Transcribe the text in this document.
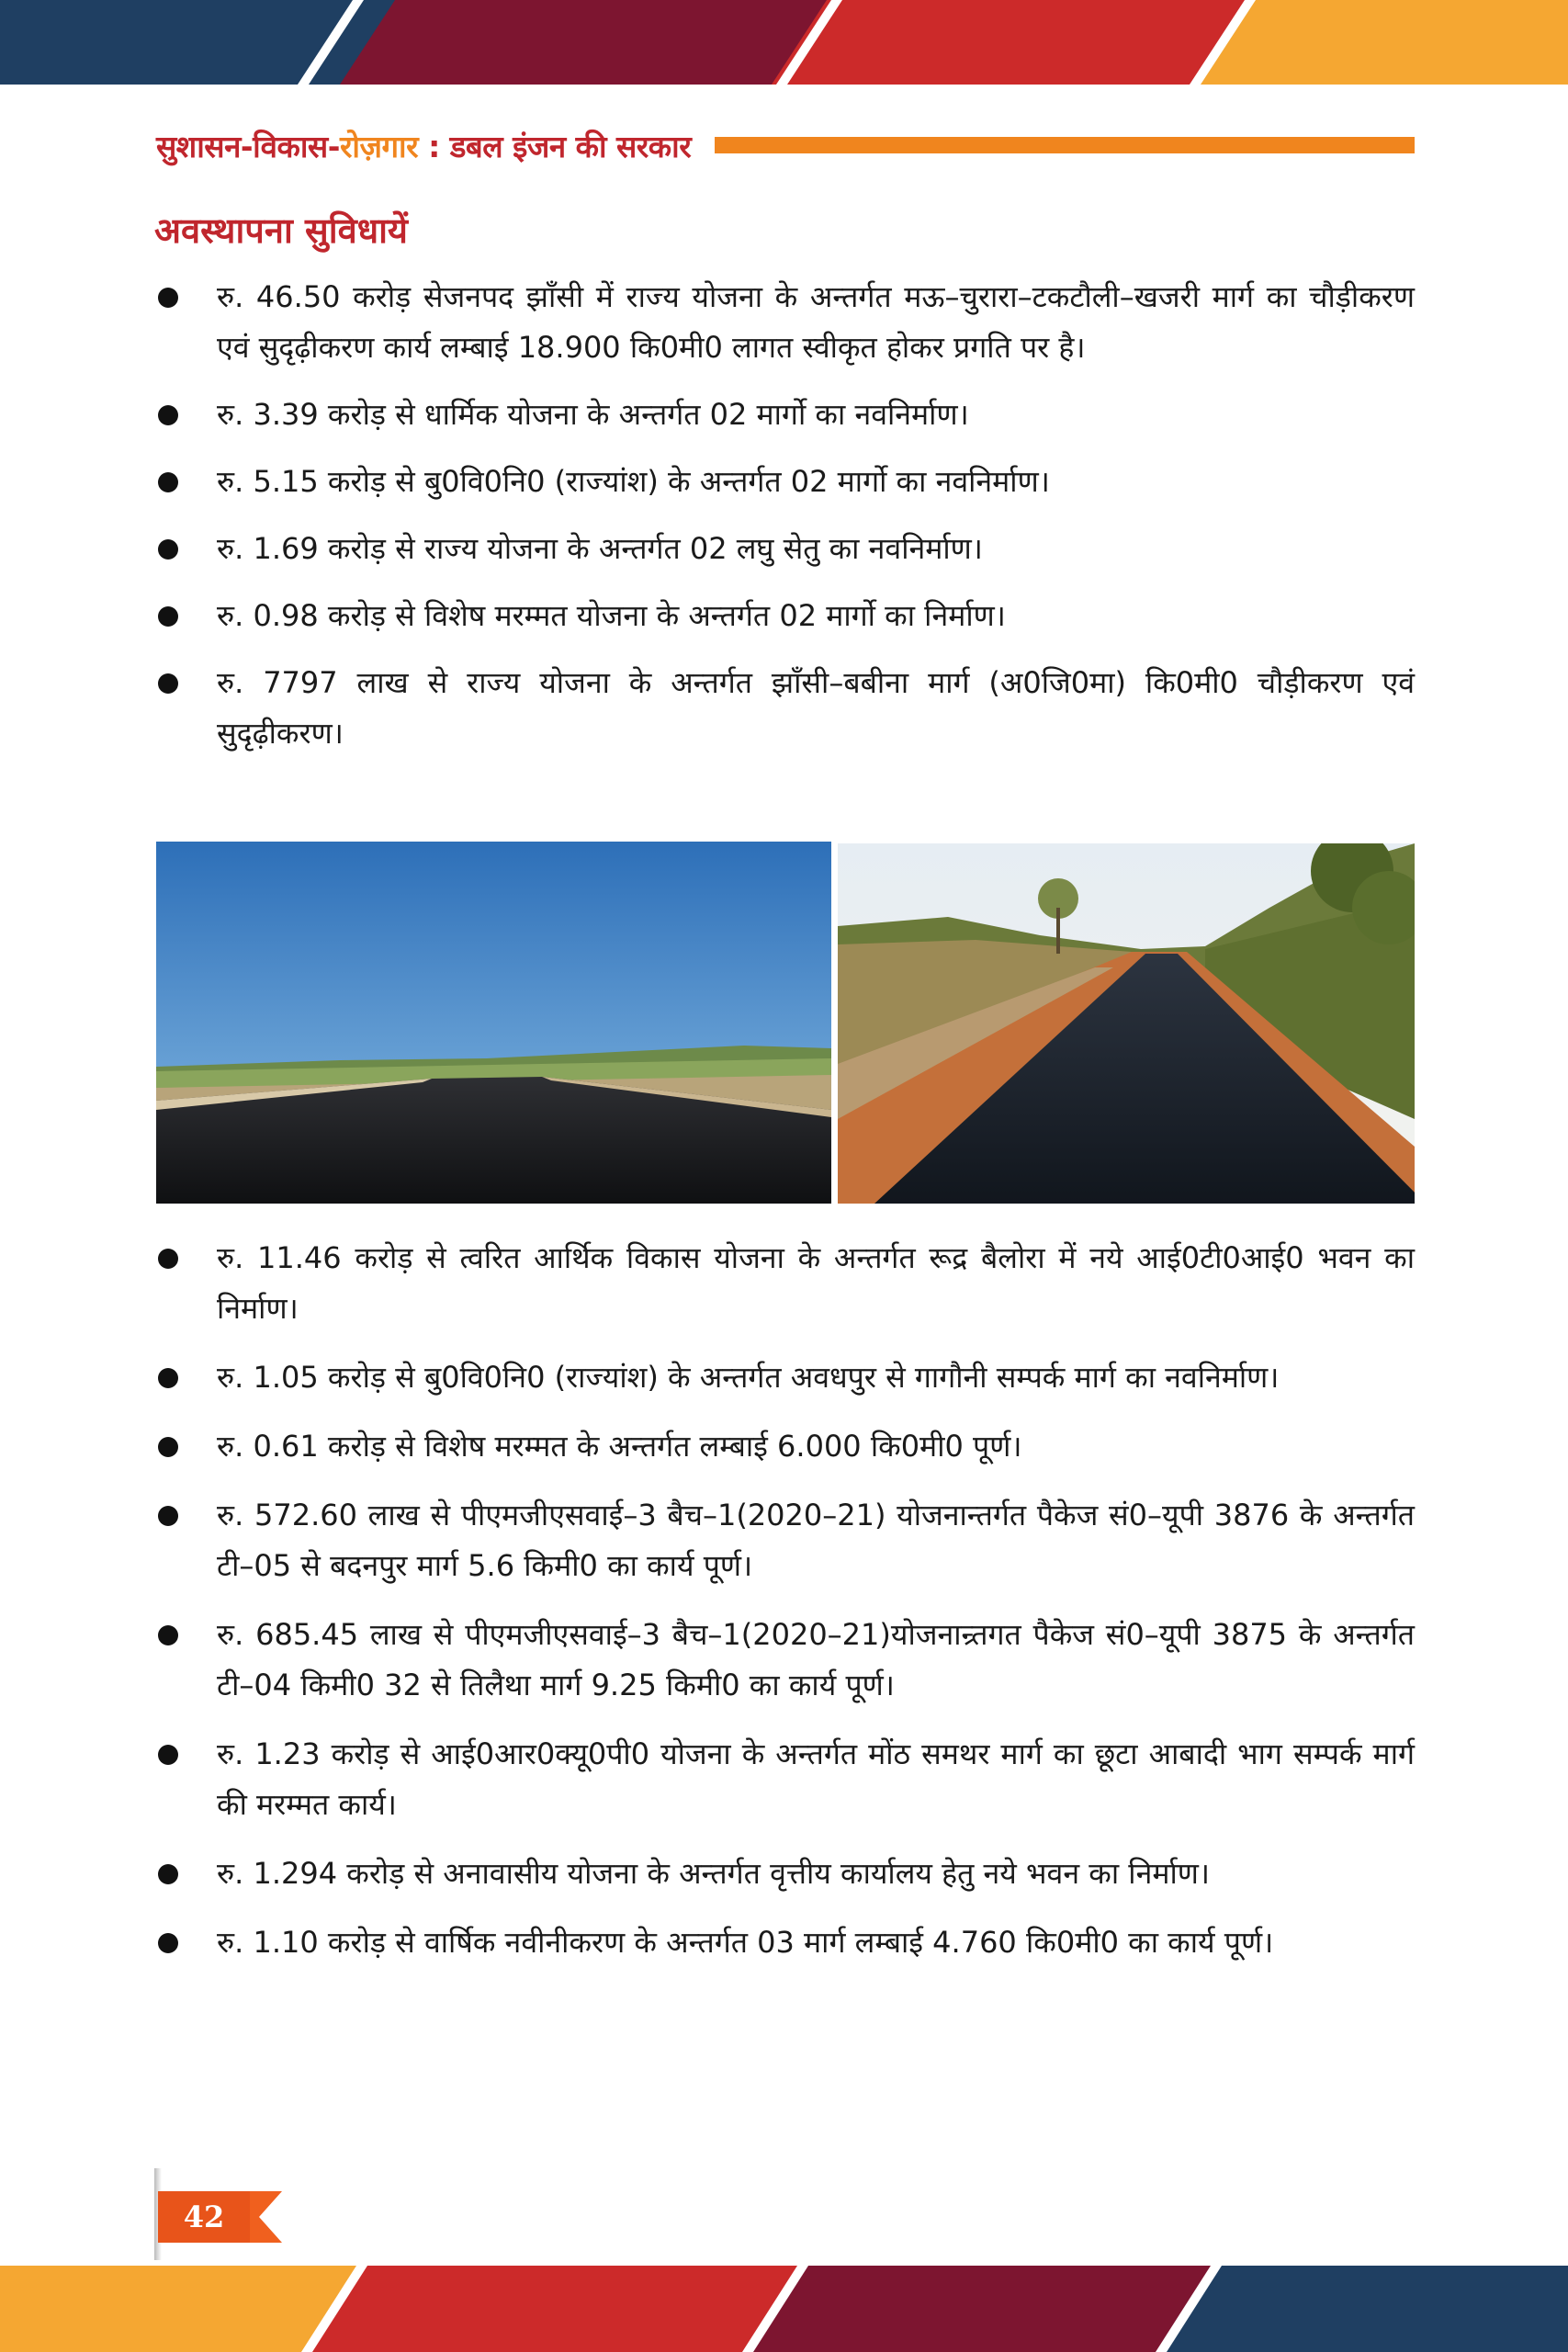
सुशासन-विकास-रोज़गार : डबल इंजन की सरकार
अवस्थापना सुविधायें
रु. 46.50 करोड़ सेजनपद झाँसी में राज्य योजना के अन्तर्गत मऊ–चुरारा–टकटौली–खजरी मार्ग का चौड़ीकरण एवं सुदृढ़ीकरण कार्य लम्बाई 18.900 कि0मी0 लागत स्वीकृत होकर प्रगति पर है।
रु. 3.39 करोड़ से धार्मिक योजना के अन्तर्गत 02 मार्गो का नवनिर्माण।
रु. 5.15 करोड़ से बु0वि0नि0 (राज्यांश) के अन्तर्गत 02 मार्गो का नवनिर्माण।
रु. 1.69 करोड़ से राज्य योजना के अन्तर्गत 02 लघु सेतु का नवनिर्माण।
रु. 0.98 करोड़ से विशेष मरम्मत योजना के अन्तर्गत 02 मार्गो का निर्माण।
रु. 7797 लाख से राज्य योजना के अन्तर्गत झाँसी–बबीना मार्ग (अ0जि0मा) कि0मी0 चौड़ीकरण एवं सुदृढ़ीकरण।
रु. 11.46 करोड़ से त्वरित आर्थिक विकास योजना के अन्तर्गत रूद्र बैलोरा में नये आई0टी0आई0 भवन का निर्माण।
रु. 1.05 करोड़ से बु0वि0नि0 (राज्यांश) के अन्तर्गत अवधपुर से गागौनी सम्पर्क मार्ग का नवनिर्माण।
रु. 0.61 करोड़ से विशेष मरम्मत के अन्तर्गत लम्बाई 6.000 कि0मी0 पूर्ण।
रु. 572.60 लाख से पीएमजीएसवाई–3 बैच–1(2020–21) योजनान्तर्गत पैकेज सं0–यूपी 3876 के अन्तर्गत टी–05 से बदनपुर मार्ग 5.6 किमी0 का कार्य पूर्ण।
रु. 685.45 लाख से पीएमजीएसवाई–3 बैच–1(2020–21)योजनान्र्तगत पैकेज सं0–यूपी 3875 के अन्तर्गत टी–04 किमी0 32 से तिलैथा मार्ग 9.25 किमी0 का कार्य पूर्ण।
रु. 1.23 करोड़ से आई0आर0क्यू0पी0 योजना के अन्तर्गत मोंठ समथर मार्ग का छूटा आबादी भाग सम्पर्क मार्ग की मरम्मत कार्य।
रु. 1.294 करोड़ से अनावासीय योजना के अन्तर्गत वृत्तीय कार्यालय हेतु नये भवन का निर्माण।
रु. 1.10 करोड़ से वार्षिक नवीनीकरण के अन्तर्गत 03 मार्ग लम्बाई 4.760 कि0मी0 का कार्य पूर्ण।
42
